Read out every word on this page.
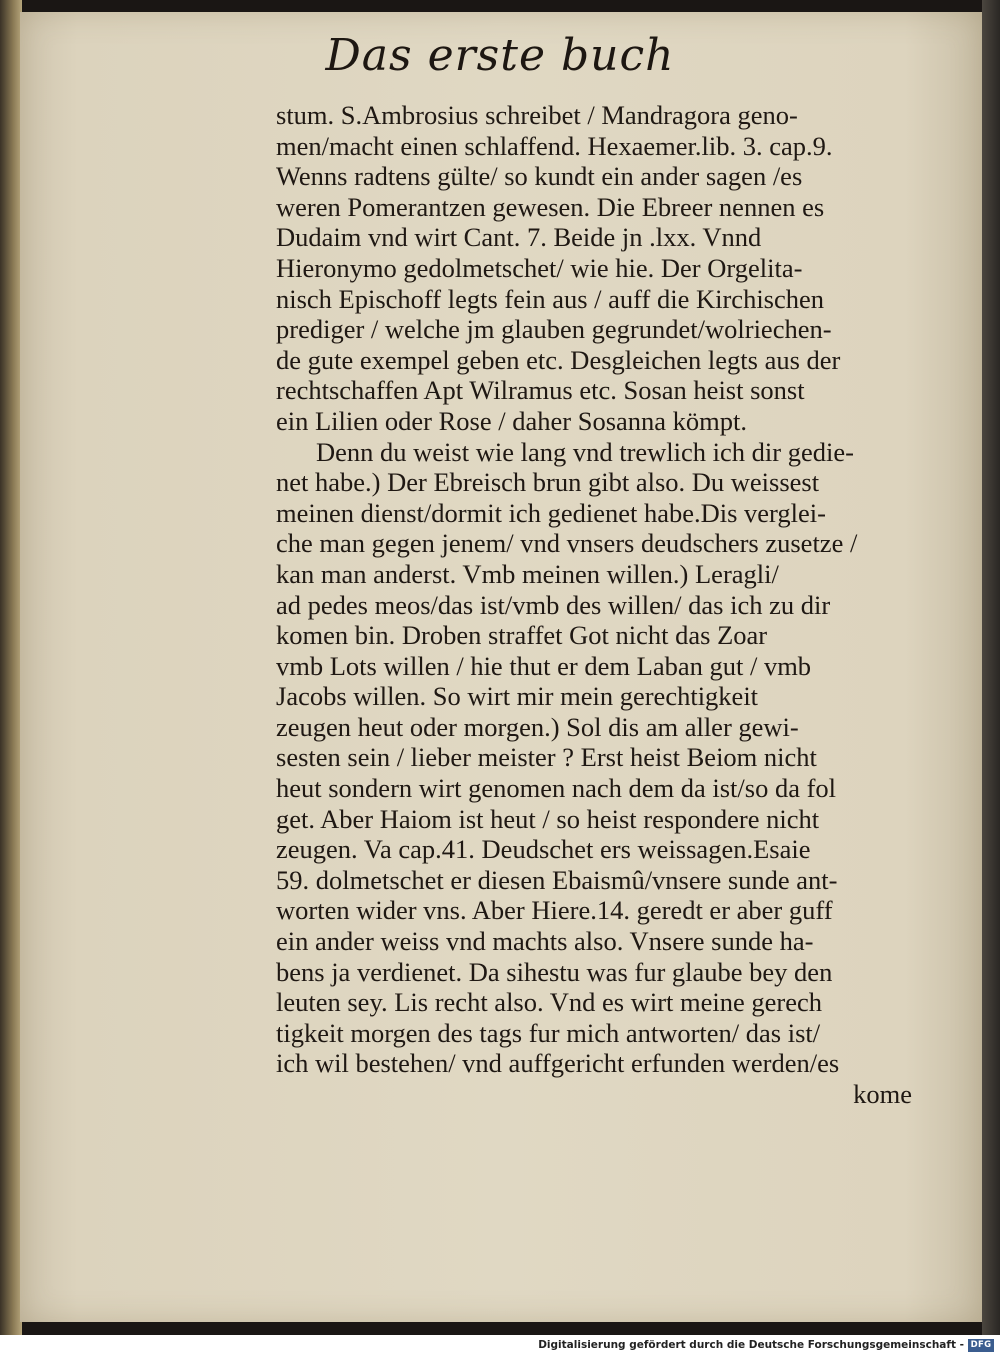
Das erste buch
stum. S.Ambrosius schreibet / Mandragora geno-
men/macht einen schlaffend. Hexaemer.lib. 3. cap.9.
Wenns radtens gülte/ so kundt ein ander sagen /es
weren Pomerantzen gewesen. Die Ebreer nennen es
Dudaim vnd wirt Cant. 7. Beide jn .lxx. Vnnd
Hieronymo gedolmetschet/ wie hie. Der Orgelita-
nisch Epischoff legts fein aus / auff die Kirchischen
prediger / welche jm glauben gegrundet/wolriechen-
de gute exempel geben etc. Desgleichen legts aus der
rechtschaffen Apt Wilramus etc. Sosan heist sonst
ein Lilien oder Rose / daher Sosanna kömpt.
Denn du weist wie lang vnd trewlich ich dir gedie-
net habe.) Der Ebreisch brun gibt also. Du weissest
meinen dienst/dormit ich gedienet habe.Dis verglei-
che man gegen jenem/ vnd vnsers deudschers zusetze /
kan man anderst. Vmb meinen willen.) Leragli/
ad pedes meos/das ist/vmb des willen/ das ich zu dir
komen bin. Droben straffet Got nicht das Zoar
vmb Lots willen / hie thut er dem Laban gut / vmb
Jacobs willen. So wirt mir mein gerechtigkeit
zeugen heut oder morgen.) Sol dis am aller gewi-
sesten sein / lieber meister ? Erst heist Beiom nicht
heut sondern wirt genomen nach dem da ist/so da fol
get. Aber Haiom ist heut / so heist respondere nicht
zeugen. Va cap.41. Deudschet ers weissagen.Esaie
59. dolmetschet er diesen Ebaismû/vnsere sunde ant-
worten wider vns. Aber Hiere.14. geredt er aber guff
ein ander weiss vnd machts also. Vnsere sunde ha-
bens ja verdienet. Da sihestu was fur glaube bey den
leuten sey. Lis recht also. Vnd es wirt meine gerech
tigkeit morgen des tags fur mich antworten/ das ist/
ich wil bestehen/ vnd auffgericht erfunden werden/es
kome
Digitalisierung gefördert durch die Deutsche Forschungsgemeinschaft - DFG
